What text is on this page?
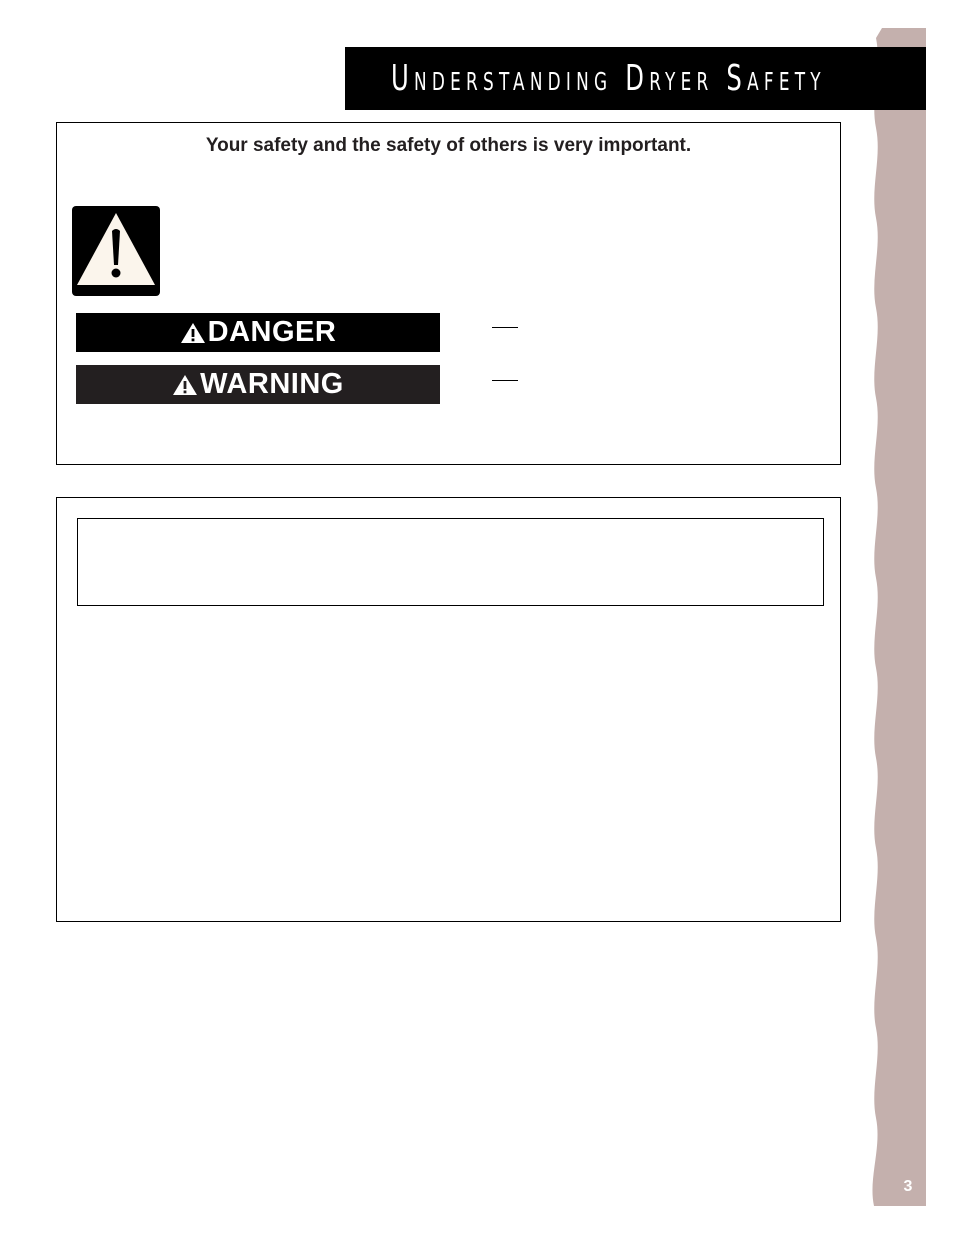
Understanding Dryer Safety
Your safety and the safety of others is very important.
DANGER
WARNING
3
